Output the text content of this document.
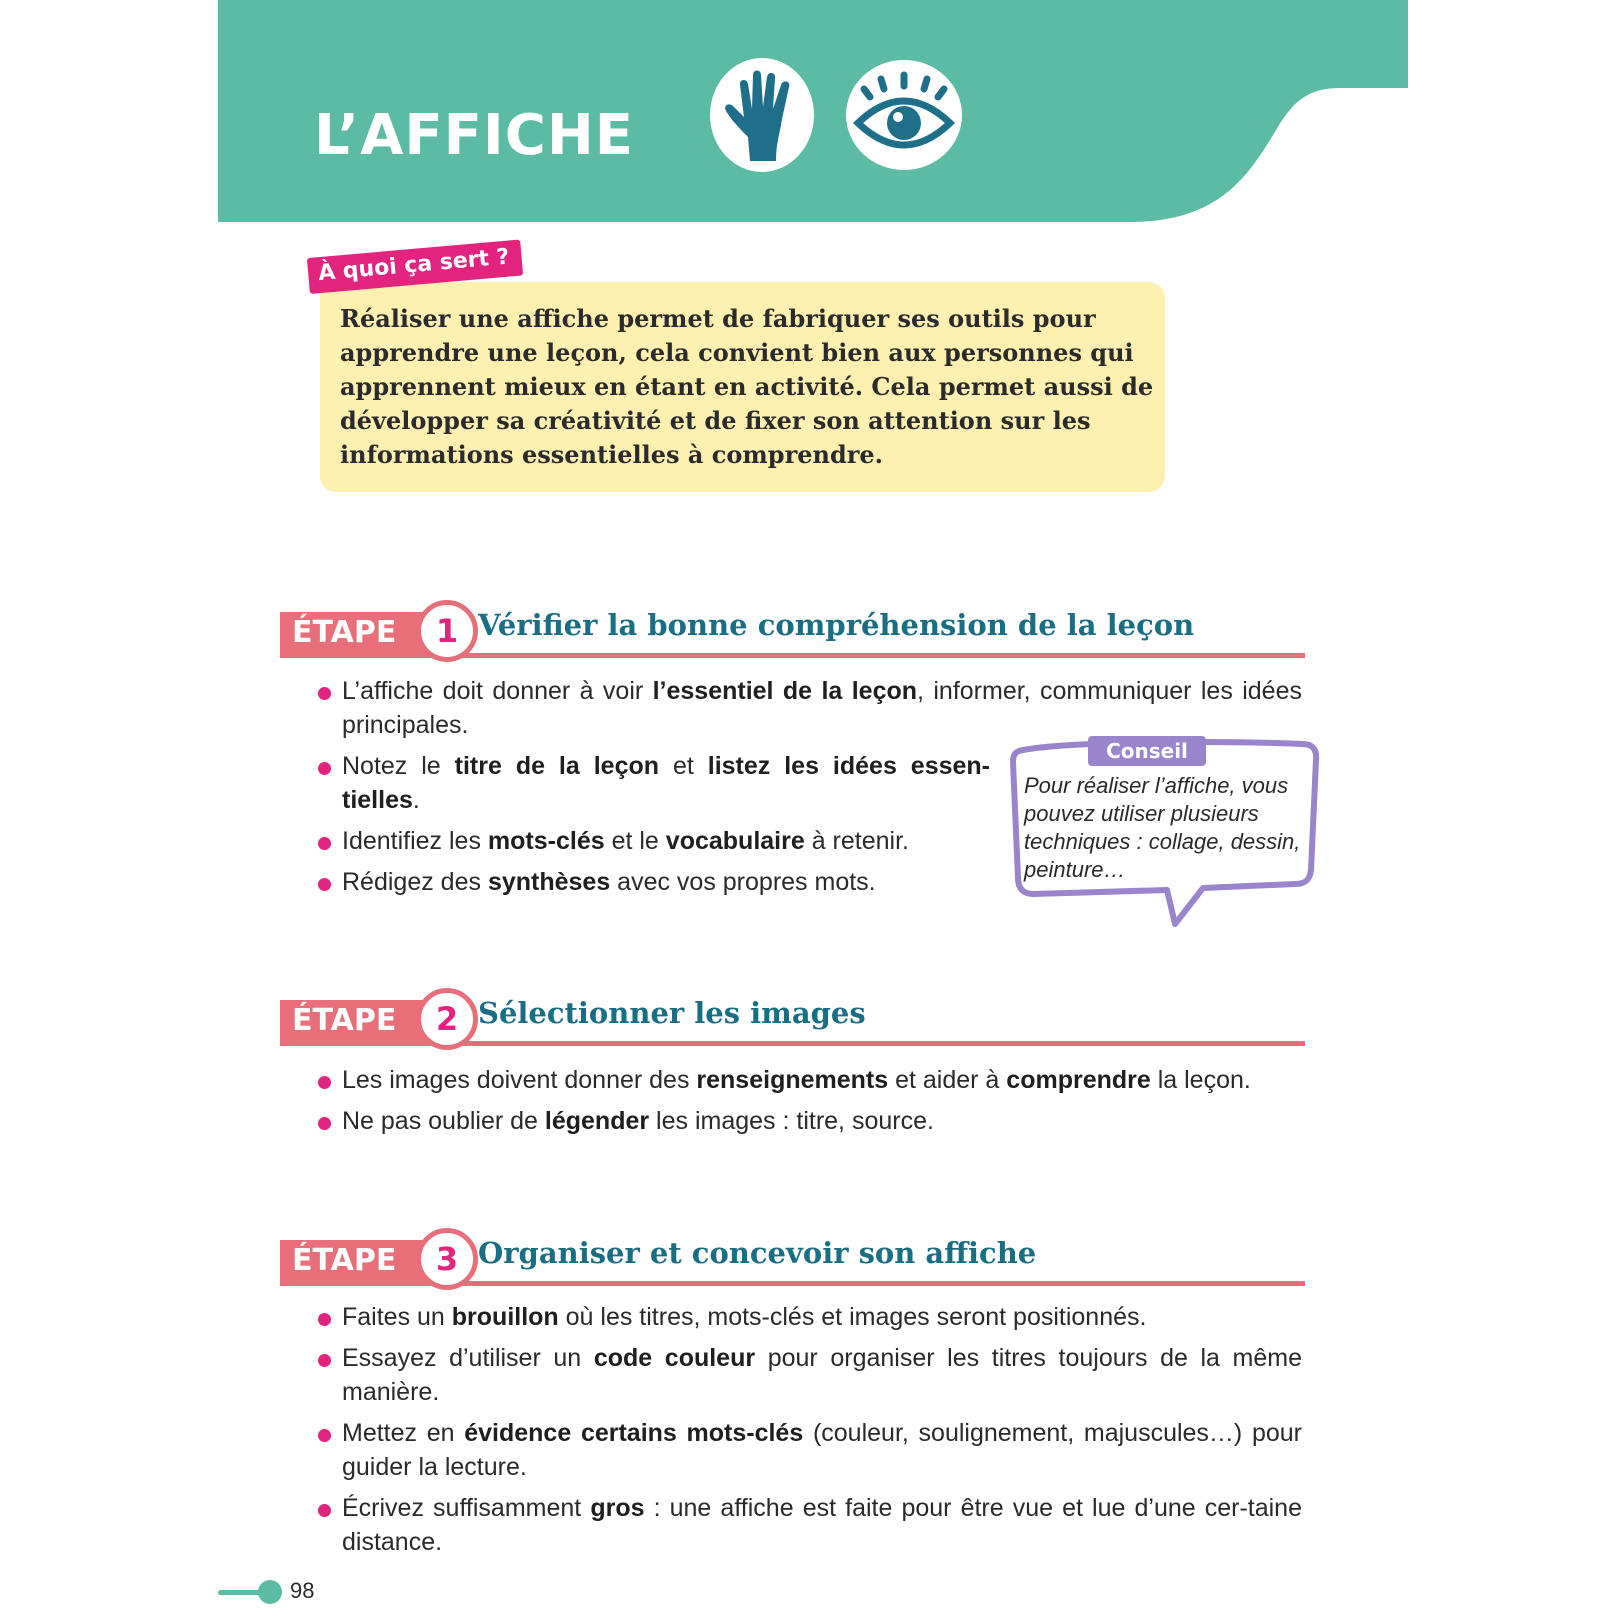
L’AFFICHE
À quoi ça sert ?

Réaliser une affiche permet de fabriquer ses outils pour apprendre une leçon, cela convient bien aux personnes qui apprennent mieux en étant en activité. Cela permet aussi de développer sa créativité et de fixer son attention sur les informations essentielles à comprendre.

ÉTAPE	1 Vérifier la bonne compréhension de la leçon
L’affiche doit donner à voir l’essentiel de la leçon, informer, communiquer les idées principales.
Notez le titre de la leçon et listez les idées essen-tielles.
Identifiez les mots-clés et le vocabulaire à retenir.
Rédigez des synthèses avec vos propres mots.
Conseil

Pour réaliser l’affiche, vous pouvez utiliser plusieurs techniques : collage, dessin, peinture…

ÉTAPE	2 Sélectionner les images
Les images doivent donner des renseignements et aider à comprendre la leçon.
Ne pas oublier de légender les images : titre, source.
ÉTAPE	3 Organiser et concevoir son affiche
Faites un brouillon où les titres, mots-clés et images seront positionnés.
Essayez d’utiliser un code couleur pour organiser les titres toujours de la même manière.
Mettez en évidence certains mots-clés (couleur, soulignement, majuscules…) pour guider la lecture.
Écrivez suffisamment gros : une affiche est faite pour être vue et lue d’une cer-taine distance.
98
